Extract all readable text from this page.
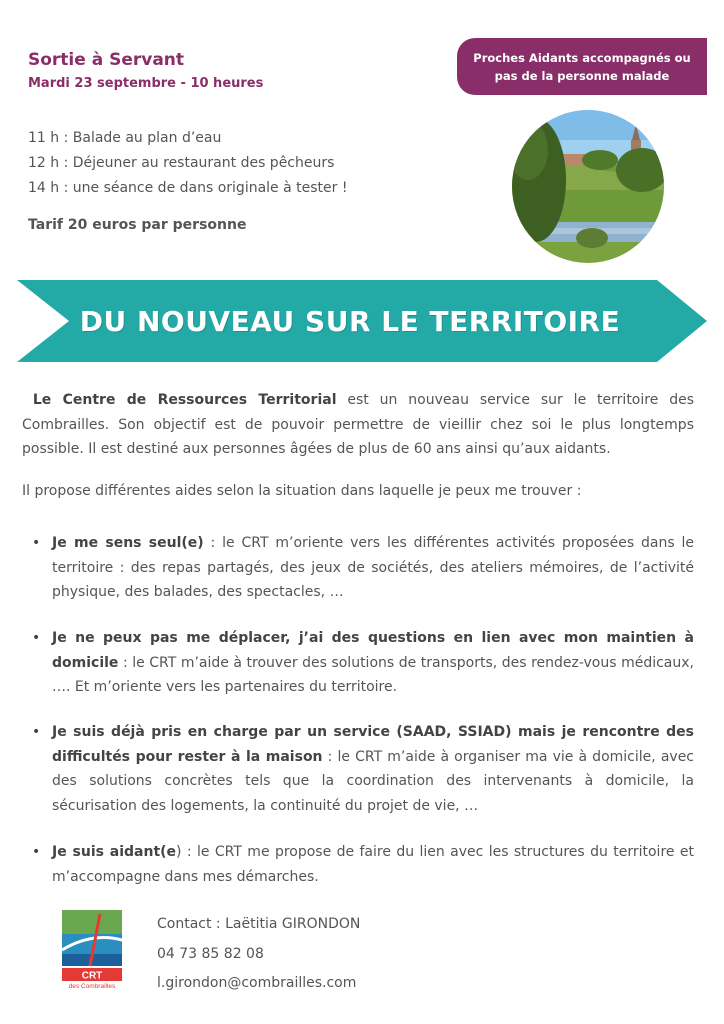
Sortie à Servant
Mardi 23 septembre - 10 heures
Proches Aidants accompagnés ou
pas de la personne malade
11 h : Balade au plan d’eau
12 h : Déjeuner au restaurant des pêcheurs
14 h : une séance de dans originale à tester !
Tarif 20 euros par personne
DU NOUVEAU SUR LE TERRITOIRE
Le Centre de Ressources Territorial est un nouveau service sur le territoire des Combrailles. Son objectif est de pouvoir permettre de vieillir chez soi le plus longtemps possible. Il est destiné aux personnes âgées de plus de 60 ans ainsi qu’aux aidants.
Il propose différentes aides selon la situation dans laquelle je peux me trouver :
• Je me sens seul(e) : le CRT m’oriente vers les différentes activités proposées dans le territoire : des repas partagés, des jeux de sociétés, des ateliers mémoires, de l’activité physique, des balades, des spectacles, …
• Je ne peux pas me déplacer, j’ai des questions en lien avec mon maintien à domicile : le CRT m’aide à trouver des solutions de transports, des rendez-vous médicaux, …. Et m’oriente vers les partenaires du territoire.
• Je suis déjà pris en charge par un service (SAAD, SSIAD) mais je rencontre des difficultés pour rester à la maison : le CRT m’aide à organiser ma vie à domicile, avec des solutions concrètes tels que la coordination des intervenants à domicile, la sécurisation des logements, la continuité du projet de vie, …
• Je suis aidant(e) : le CRT me propose de faire du lien avec les structures du territoire et m’accompagne dans mes démarches.
CRT
des Combrailles
Contact : Laëtitia GIRONDON
04 73 85 82 08
l.girondon@combrailles.com
